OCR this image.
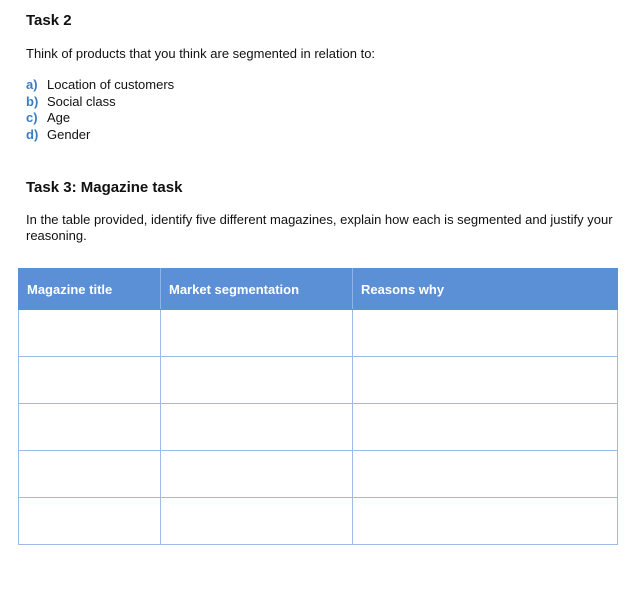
Task 2

Think of products that you think are segmented in relation to:

a) Location of customers
b) Social class
c) Age
d) Gender
Task 3: Magazine task

In the table provided, identify five different magazines, explain how each is segmented and justify your reasoning.

Magazine title	Market segmentation	Reasons why
